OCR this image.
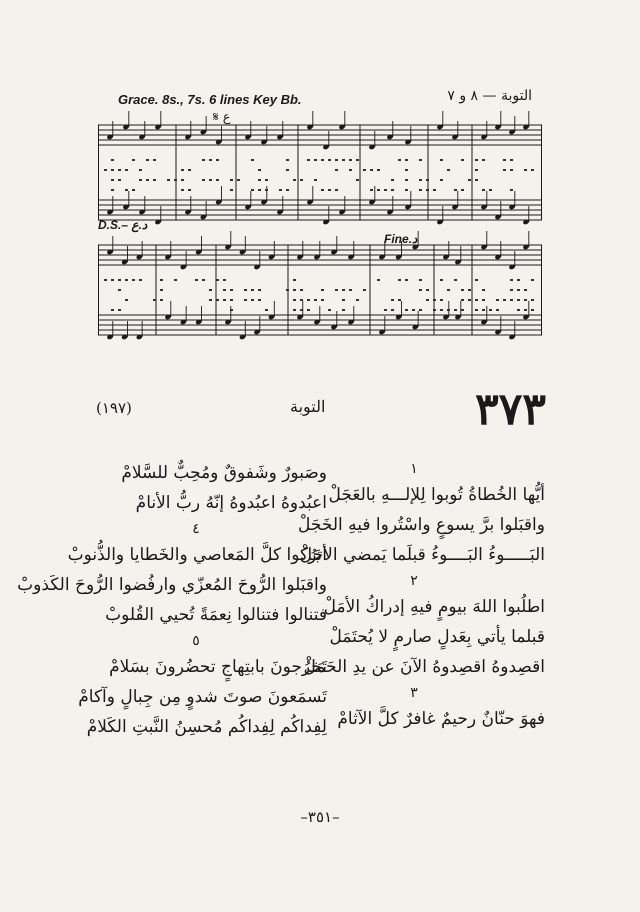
Grace. 8s., 7s. 6 lines Key Bb.	التوبة — ٨ و ٧
𝄋 ع
D.S.– د.ع
Fine.د
٣٧٣
التوبة
(١٩٧)
١
أيُّها الخُطاةُ تُوبوا لِلإلـــهِ بالعَجَلْ
واقبَلوا برَّ يسوعٍ واسْتُروا فيهِ الخَجَلْ
البَـــــوءُ البَــــوءُ قبلَما يَمضي الأجَلْ
٢
اطلُبوا اللهَ بيومٍ فيهِ إدراكُ الأمَلْ
قبلما يأتي بِعَدلٍ صارمٍ لا يُحتَمَلْ
اقصِدوهُ اقصِدوهُ الآنَ عن يدِ الحَمَلْ
٣
فهوَ حنّانٌ رحيمٌ غافرٌ كلَّ الآثامْ
وصَبورٌ وشَفوقٌ ومُحِبٌّ للسَّلامْ
اعبُدوهُ اعبُدوهُ إنّهُ ربُّ الأنامْ
٤
اترُكوا كلَّ المَعاصي والخَطايا والذُّنوبْ
واقبَلوا الرُّوحَ المُعزّي وارفُضوا الرُّوحَ الكَذوبْ
فتنالوا فتنالوا نِعمَةً تُحيي القُلوبْ
٥
تَخرُجونَ بابتِهاجٍ تحضُرونَ بسَلامْ
تَسمَعونَ صوتَ شدوٍ مِن جِبالٍ وآكامْ
لِفِداكُم لِفِداكُم مُحسِنُ النَّبتِ الكَلامْ
–٣٥١–
